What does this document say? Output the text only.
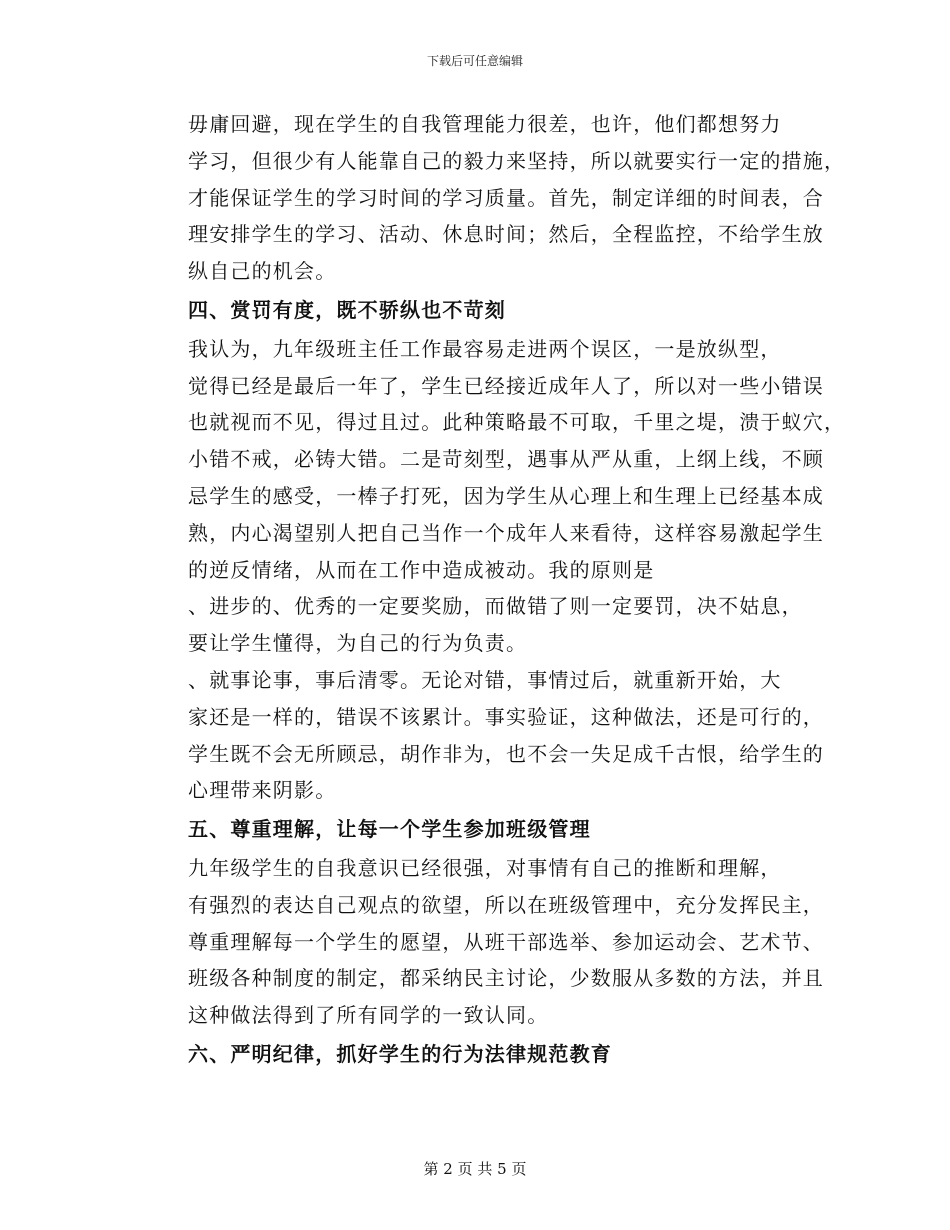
下载后可任意编辑
毋庸回避，现在学生的自我管理能力很差，也许，他们都想努力
学习，但很少有人能靠自己的毅力来坚持，所以就要实行一定的措施，
才能保证学生的学习时间的学习质量。首先，制定详细的时间表，合
理安排学生的学习、活动、休息时间；然后，全程监控，不给学生放
纵自己的机会。
四、赏罚有度，既不骄纵也不苛刻
我认为，九年级班主任工作最容易走进两个误区，一是放纵型，
觉得已经是最后一年了，学生已经接近成年人了，所以对一些小错误
也就视而不见，得过且过。此种策略最不可取，千里之堤，溃于蚁穴，
小错不戒，必铸大错。二是苛刻型，遇事从严从重，上纲上线，不顾
忌学生的感受，一棒子打死，因为学生从心理上和生理上已经基本成
熟，内心渴望别人把自己当作一个成年人来看待，这样容易激起学生
的逆反情绪，从而在工作中造成被动。我的原则是
、进步的、优秀的一定要奖励，而做错了则一定要罚，决不姑息，
要让学生懂得，为自己的行为负责。
、就事论事，事后清零。无论对错，事情过后，就重新开始，大
家还是一样的，错误不该累计。事实验证，这种做法，还是可行的，
学生既不会无所顾忌，胡作非为，也不会一失足成千古恨，给学生的
心理带来阴影。
五、尊重理解，让每一个学生参加班级管理
九年级学生的自我意识已经很强，对事情有自己的推断和理解，
有强烈的表达自己观点的欲望，所以在班级管理中，充分发挥民主，
尊重理解每一个学生的愿望，从班干部选举、参加运动会、艺术节、
班级各种制度的制定，都采纳民主讨论，少数服从多数的方法，并且
这种做法得到了所有同学的一致认同。
六、严明纪律，抓好学生的行为法律规范教育
第 2 页 共 5 页
